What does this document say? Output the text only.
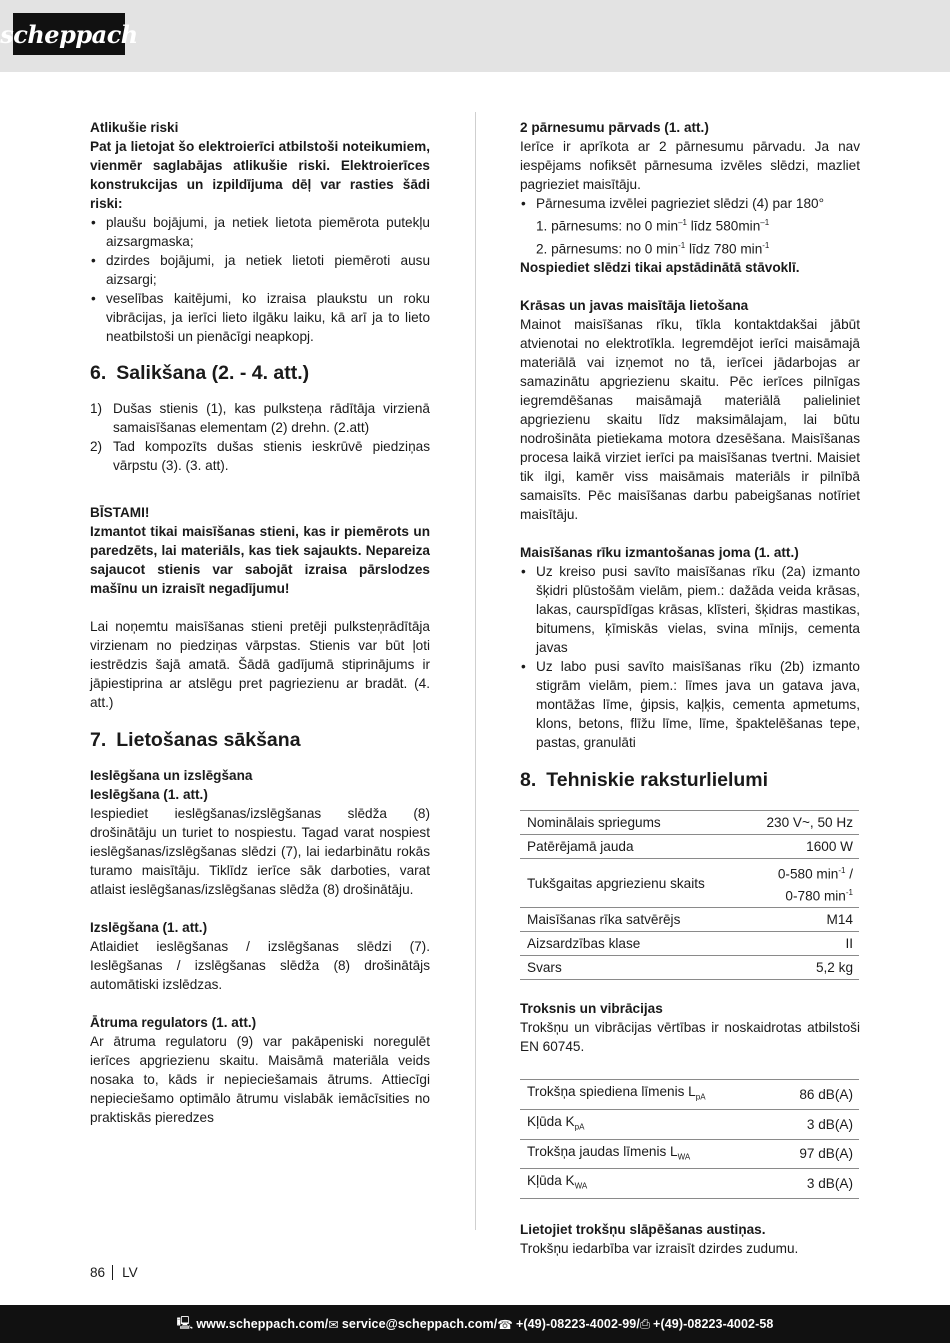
scheppach

Atlikušie riski

Pat ja lietojat šo elektroierīci atbilstoši noteikumiem, vienmēr saglabājas atlikušie riski. Elektroierīces konstrukcijas un izpildījuma dēļ var rasties šādi riski:

• plaušu bojājumi, ja netiek lietota piemērota putekļu aizsargmaska;
• dzirdes bojājumi, ja netiek lietoti piemēroti ausu aizsargi;
• veselības kaitējumi, ko izraisa plaukstu un roku vibrācijas, ja ierīci lieto ilgāku laiku, kā arī ja to lieto neatbilstoši un pienācīgi neapkopj.
6. Salikšana (2. - 4. att.)
1) Dušas stienis (1), kas pulksteņa rādītāja virzienā samaisīšanas elementam (2) drehn. (2.att)
2) Tad kompozīts dušas stienis ieskrūvē piedziņas vārpstu (3). (3. att).

BĪSTAMI!

Izmantot tikai maisīšanas stieni, kas ir piemērots un paredzēts, lai materiāls, kas tiek sajaukts. Nepareiza sajaucot stienis var sabojāt izraisa pārslodzes mašīnu un izraisīt negadījumu!

Lai noņemtu maisīšanas stieni pretēji pulksteņrādītāja virzienam no piedziņas vārpstas. Stienis var būt ļoti iestrēdzis šajā amatā. Šādā gadījumā stiprinājums ir jāpiestiprina ar atslēgu pret pagriezienu ar bradāt. (4. att.)

7. Lietošanas sākšana

Ieslēgšana un izslēgšana

Ieslēgšana (1. att.)

Iespiediet ieslēgšanas/izslēgšanas slēdža (8) drošinātāju un turiet to nospiestu. Tagad varat nospiest ieslēgšanas/izslēgšanas slēdzi (7), lai iedarbinātu rokās turamo maisītāju. Tiklīdz ierīce sāk darboties, varat atlaist ieslēgšanas/izslēgšanas slēdža (8) drošinātāju.

Izslēgšana (1. att.)

Atlaidiet ieslēgšanas / izslēgšanas slēdzi (7). Ieslēgšanas / izslēgšanas slēdža (8) drošinātājs automātiski izslēdzas.

Ātruma regulators (1. att.)

Ar ātruma regulatoru (9) var pakāpeniski noregulēt ierīces apgriezienu skaitu. Maisāmā materiāla veids nosaka to, kāds ir nepieciešamais ātrums. Attiecīgi nepieciešamo optimālo ātrumu vislabāk iemācīsities no praktiskās pieredzes

2 pārnesumu pārvads (1. att.)

Ierīce ir aprīkota ar 2 pārnesumu pārvadu. Ja nav iespējams nofiksēt pārnesuma izvēles slēdzi, mazliet pagrieziet maisītāju.

• Pārnesuma izvēlei pagrieziet slēdzi (4) par 180°
1. pārnesums: no 0 $\min^{-1}$ līdz $580\min^{-1}$
2. pārnesums: no 0 $\min^{-1}$ līdz 780 $\min^{-1}$

Nospiediet slēdzi tikai apstādinātā stāvoklī.

Krāsas un javas maisītāja lietošana

Mainot maisīšanas rīku, tīkla kontaktdakšai jābūt atvienotai no elektrotīkla. Iegremdējot ierīci maisāmajā materiālā vai izņemot no tā, ierīcei jādarbojas ar samazinātu apgriezienu skaitu. Pēc ierīces pilnīgas iegremdēšanas maisāmajā materiālā palieliniet apgriezienu skaitu līdz maksimālajam, lai būtu nodrošināta pietiekama motora dzesēšana. Maisīšanas procesa laikā virziet ierīci pa maisīšanas tvertni. Maisiet tik ilgi, kamēr viss maisāmais materiāls ir pilnībā samaisīts. Pēc maisīšanas darbu pabeigšanas notīriet maisītāju.

Maisīšanas rīku izmantošanas joma (1. att.)

• Uz kreiso pusi savīto maisīšanas rīku (2a) izmanto šķidri plūstošām vielām, piem.: dažāda veida krāsas, lakas, caurspīdīgas krāsas, klīsteri, šķidras mastikas, bitumens, ķīmiskās vielas, svina mīnijs, cementa javas
• Uz labo pusi savīto maisīšanas rīku (2b) izmanto stigrām vielām, piem.: līmes java un gatava java, montāžas līme, ģipsis, kaļķis, cementa apmetums, klons, betons, flīžu līme, līme, špaktelēšanas tepe, pastas, granulāti
8. Tehniskie raksturlielumi
Nominālais spriegums	230 V~, 50 Hz
Patērējamā jauda	1600 W
Tukšgaitas apgriezienu skaits	0-580 $\min^{-1}$ /
0-780 $\min^{-1}$
Maisīšanas rīka satvērējs	M14
Aizsardzības klase	II
Svars	5,2 kg

Troksnis un vibrācijas

Trokšņu un vibrācijas vērtības ir noskaidrotas atbilstoši EN 60745.

Trokšņa spiediena līmenis $L_{pA}$	86 dB(A)
Kļūda $K_{pA}$	3 dB(A)
Trokšņa jaudas līmenis $L_{WA}$	97 dB(A)
Kļūda $K_{WA}$	3 dB(A)

Lietojiet trokšņu slāpēšanas austiņas.

Trokšņu iedarbība var izraisīt dzirdes zudumu.

86 LV
🖳 www.scheppach.com / ✉ service@scheppach.com / ☎ +(49)-08223-4002-99 / ⎙ +(49)-08223-4002-58
